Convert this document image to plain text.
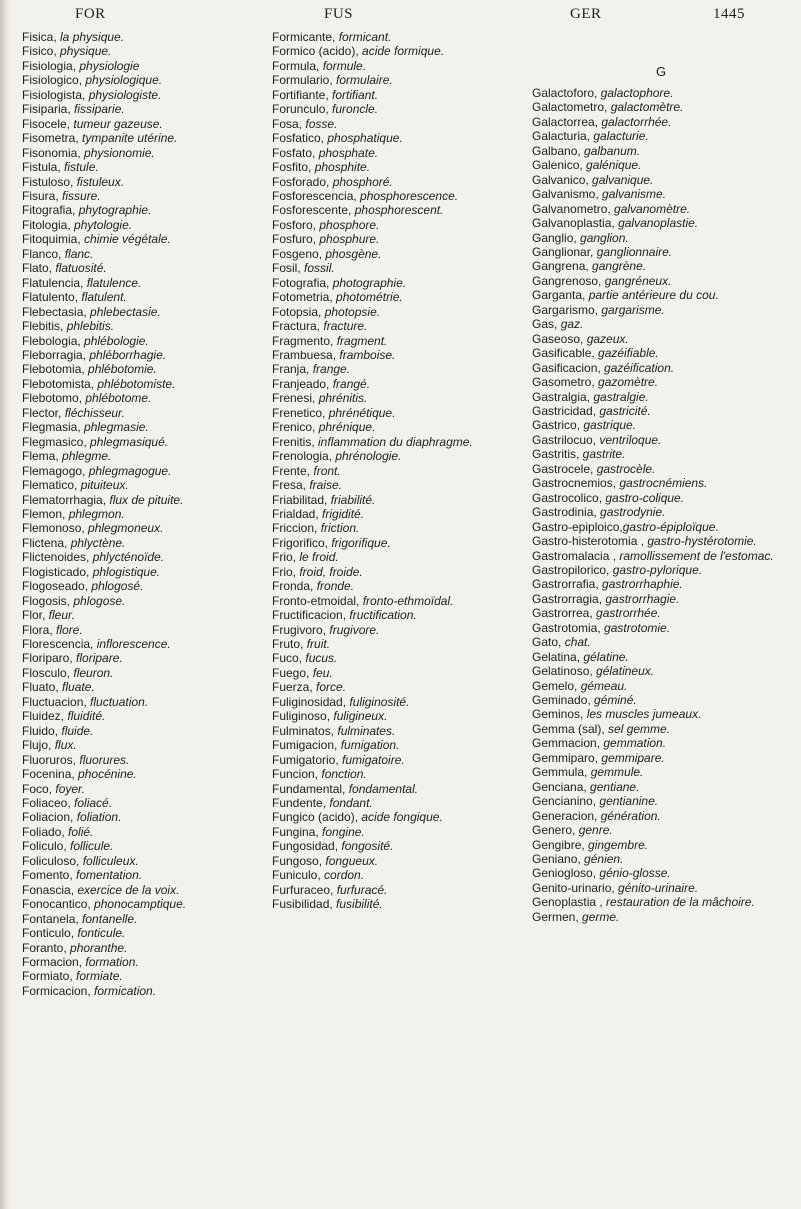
FOR	FUS	GER	1445
Fisica, la physique.
Fisico, physique.
Fisiologia, physiologie
Fisiologico, physiologique.
Fisiologista, physiologiste.
Fisiparia, fissiparie.
Fisocele, tumeur gazeuse.
Fisometra, tympanite utérine.
Fisonomia, physionomie.
Fistula, fistule.
Fistuloso, fistuleux.
Fisura, fissure.
Fitografia, phytographie.
Fitologia, phytologie.
Fitoquimia, chimie végétale.
Flanco, flanc.
Flato, flatuosité.
Flatulencia, flatulence.
Flatulento, flatulent.
Flebectasia, phlebectasie.
Flebitis, phlebitis.
Flebologia, phlébologie.
Fleborragia, phléborrhagie.
Flebotomia, phlébotomie.
Flebotomista, phlébotomiste.
Flebotomo, phlébotome.
Flector, fléchisseur.
Flegmasia, phlegmasie.
Flegmasico, phlegmasiqué.
Flema, phlegme.
Flemagogo, phlegmagogue.
Flematico, pituiteux.
Flematorrhagia, flux de pituite.
Flemon, phlegmon.
Flemonoso, phlegmoneux.
Flictena, phlyctène.
Flictenoides, phlycténoïde.
Flogisticado, phlogistique.
Flogoseado, phlogosé.
Flogosis, phlogose.
Flor, fleur.
Flora, flore.
Florescencia, inflorescence.
Floriparo, floripare.
Flosculo, fleuron.
Fluato, fluate.
Fluctuacion, fluctuation.
Fluidez, fluidité.
Fluido, fluide.
Flujo, flux.
Fluoruros, fluorures.
Focenina, phocénine.
Foco, foyer.
Foliaceo, foliacé.
Foliacion, foliation.
Foliado, folié.
Foliculo, follicule.
Foliculoso, folliculeux.
Fomento, fomentation.
Fonascia, exercice de la voix.
Fonocantico, phonocamptique.
Fontanela, fontanelle.
Fonticulo, fonticule.
Foranto, phoranthe.
Formacion, formation.
Formiato, formiate.
Formicacion, formication.
Formicante, formicant.
Formico (acido), acide formique.
Formula, formule.
Formulario, formulaire.
Fortifiante, fortifiant.
Forunculo, furoncle.
Fosa, fosse.
Fosfatico, phosphatique.
Fosfato, phosphate.
Fosfito, phosphite.
Fosforado, phosphoré.
Fosforescencia, phosphorescence.
Fosforescente, phosphorescent.
Fosforo, phosphore.
Fosfuro, phosphure.
Fosgeno, phosgène.
Fosil, fossil.
Fotografia, photographie.
Fotometria, photométrie.
Fotopsia, photopsie.
Fractura, fracture.
Fragmento, fragment.
Frambuesa, framboise.
Franja, frange.
Franjeado, frangé.
Frenesi, phrénitis.
Frenetico, phrénétique.
Frenico, phrénique.
Frenitis, inflammation du diaphragme.
Frenologia, phrénologie.
Frente, front.
Fresa, fraise.
Friabilitad, friabilité.
Frialdad, frigidité.
Friccion, friction.
Frigorifico, frigorifique.
Frio, le froid.
Frio, froid, froide.
Fronda, fronde.
Fronto-etmoidal, fronto-ethmoïdal.
Fructificacion, fructification.
Frugivoro, frugivore.
Fruto, fruit.
Fuco, fucus.
Fuego, feu.
Fuerza, force.
Fuliginosidad, fuliginosité.
Fuliginoso, fuligineux.
Fulminatos, fulminates.
Fumigacion, fumigation.
Fumigatorio, fumigatoire.
Funcion, fonction.
Fundamental, fondamental.
Fundente, fondant.
Fungico (acido), acide fongique.
Fungina, fongine.
Fungosidad, fongosité.
Fungoso, fongueux.
Funiculo, cordon.
Furfuraceo, furfuracé.
Fusibilidad, fusibilité.
G
Galactoforo, galactophore.
Galactometro, galactomètre.
Galactorrea, galactorrhée.
Galacturia, galacturie.
Galbano, galbanum.
Galenico, galénique.
Galvanico, galvanique.
Galvanismo, galvanisme.
Galvanometro, galvanomètre.
Galvanoplastia, galvanoplastie.
Ganglio, ganglion.
Ganglionar, ganglionnaire.
Gangrena, gangrène.
Gangrenoso, gangréneux.
Garganta, partie antérieure du cou.
Gargarismo, gargarisme.
Gas, gaz.
Gaseoso, gazeux.
Gasificable, gazéifiable.
Gasificacion, gazéification.
Gasometro, gazomètre.
Gastralgia, gastralgie.
Gastricidad, gastricité.
Gastrico, gastrique.
Gastrilocuo, ventriloque.
Gastritis, gastrite.
Gastrocele, gastrocèle.
Gastrocnemios, gastrocnémiens.
Gastrocolico, gastro-colique.
Gastrodinia, gastrodynie.
Gastro-epiploico,gastro-épiploïque.
Gastro-histerotomia , gastro-hystérotomie.
Gastromalacia , ramollissement de l'estomac.
Gastropilorico, gastro-pylorique.
Gastrorrafia, gastrorrhaphie.
Gastrorragia, gastrorrhagie.
Gastrorrea, gastrorrhée.
Gastrotomia, gastrotomie.
Gato, chat.
Gelatina, gélatine.
Gelatinoso, gélatineux.
Gemelo, gémeau.
Geminado, géminé.
Geminos, les muscles jumeaux.
Gemma (sal), sel gemme.
Gemmacion, gemmation.
Gemmiparo, gemmipare.
Gemmula, gemmule.
Genciana, gentiane.
Gencianino, gentianine.
Generacion, génération.
Genero, genre.
Gengibre, gingembre.
Geniano, génien.
Geniogloso, génio-glosse.
Genito-urinario, génito-urinaire.
Genoplastia , restauration de la mâchoire.
Germen, germe.
